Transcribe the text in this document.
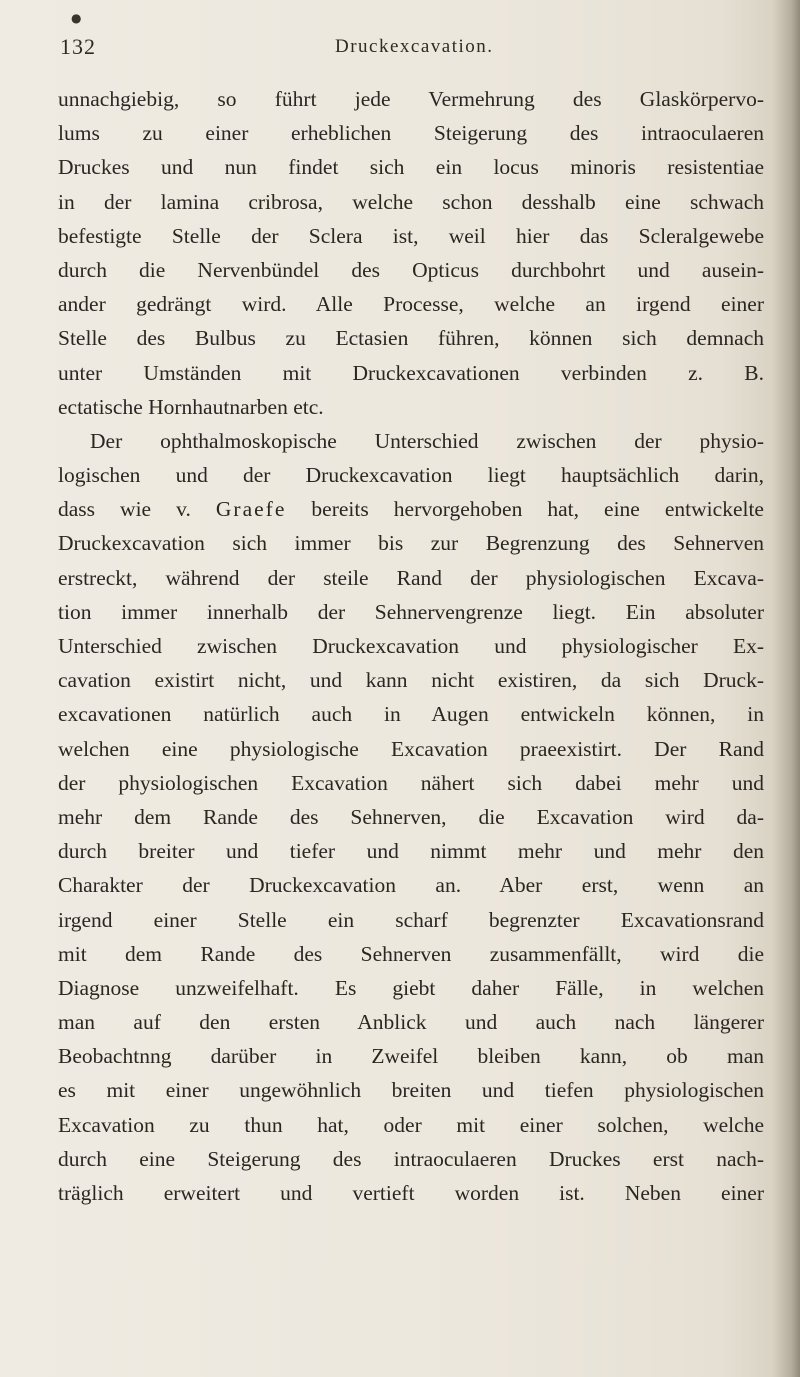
●
132	Druckexcavation.
unnachgiebig, so führt jede Vermehrung des Glaskörpervo-
lums zu einer erheblichen Steigerung des intraoculaeren
Druckes und nun findet sich ein locus minoris resistentiae
in der lamina cribrosa, welche schon desshalb eine schwach
befestigte Stelle der Sclera ist, weil hier das Scleralgewebe
durch die Nervenbündel des Opticus durchbohrt und ausein-
ander gedrängt wird. Alle Processe, welche an irgend einer
Stelle des Bulbus zu Ectasien führen, können sich demnach
unter Umständen mit Druckexcavationen verbinden z. B.
ectatische Hornhautnarben etc.
Der ophthalmoskopische Unterschied zwischen der physio-
logischen und der Druckexcavation liegt hauptsächlich darin,
dass wie v. Graefe bereits hervorgehoben hat, eine entwickelte
Druckexcavation sich immer bis zur Begrenzung des Sehnerven
erstreckt, während der steile Rand der physiologischen Excava-
tion immer innerhalb der Sehnervengrenze liegt. Ein absoluter
Unterschied zwischen Druckexcavation und physiologischer Ex-
cavation existirt nicht, und kann nicht existiren, da sich Druck-
excavationen natürlich auch in Augen entwickeln können, in
welchen eine physiologische Excavation praeexistirt. Der Rand
der physiologischen Excavation nähert sich dabei mehr und
mehr dem Rande des Sehnerven, die Excavation wird da-
durch breiter und tiefer und nimmt mehr und mehr den
Charakter der Druckexcavation an. Aber erst, wenn an
irgend einer Stelle ein scharf begrenzter Excavationsrand
mit dem Rande des Sehnerven zusammenfällt, wird die
Diagnose unzweifelhaft. Es giebt daher Fälle, in welchen
man auf den ersten Anblick und auch nach längerer
Beobachtnng darüber in Zweifel bleiben kann, ob man
es mit einer ungewöhnlich breiten und tiefen physiologischen
Excavation zu thun hat, oder mit einer solchen, welche
durch eine Steigerung des intraoculaeren Druckes erst nach-
träglich erweitert und vertieft worden ist. Neben einer
